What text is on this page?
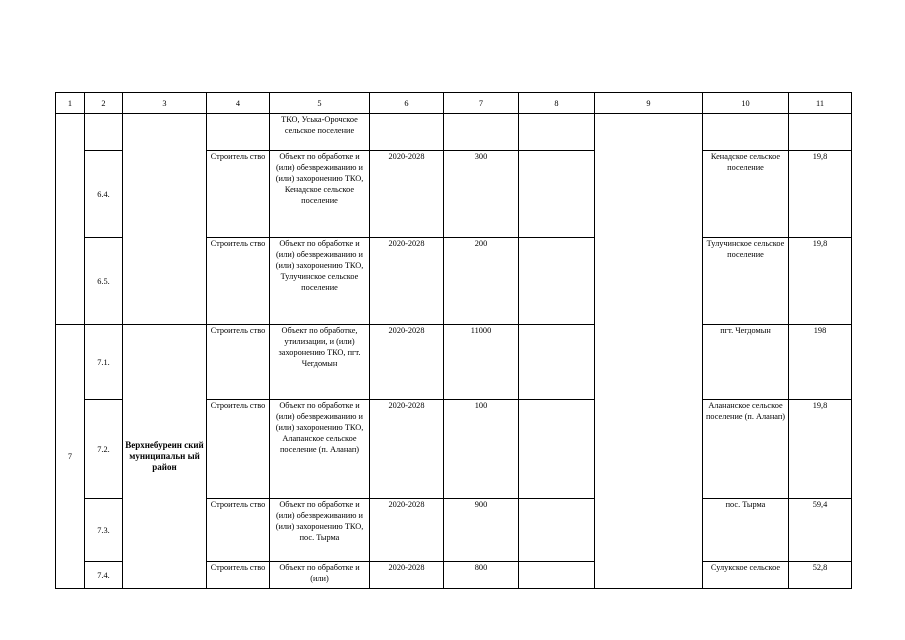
1	2	3	4	5	6	7	8	9	10	11
				ТКО, Уська-Орочское сельское поселение						
	6.4.		Строитель ство	Объект по обработке и (или) обезвреживанию и (или) захоронению ТКО, Кенадское сельское поселение	2020-2028	300			Кенадское сельское поселение	19,8
	6.5.		Строитель ство	Объект по обработке и (или) обезвреживанию и (или) захоронению ТКО, Тулучинское сельское поселение	2020-2028	200			Тулучинское сельское поселение	19,8
7	7.1.	Верхнебуреин ский муниципальн ый район	Строитель ство	Объект по обработке, утилизации, и (или) захоронению ТКО, пгт. Чегдомын	2020-2028	11000			пгт. Чегдомын	198
	7.2.		Строитель ство	Объект по обработке и (или) обезвреживанию и (или) захоронению ТКО, Алапанское сельское поселение (п. Аланап)	2020-2028	100			Алананское сельское поселение (п. Аланап)	19,8
	7.3.		Строитель ство	Объект по обработке и (или) обезвреживанию и (или) захоронению ТКО, пос. Тырма	2020-2028	900			пос. Тырма	59,4
	7.4.		Строитель ство	Объект по обработке и (или)	2020-2028	800			Сулукское сельское	52,8
